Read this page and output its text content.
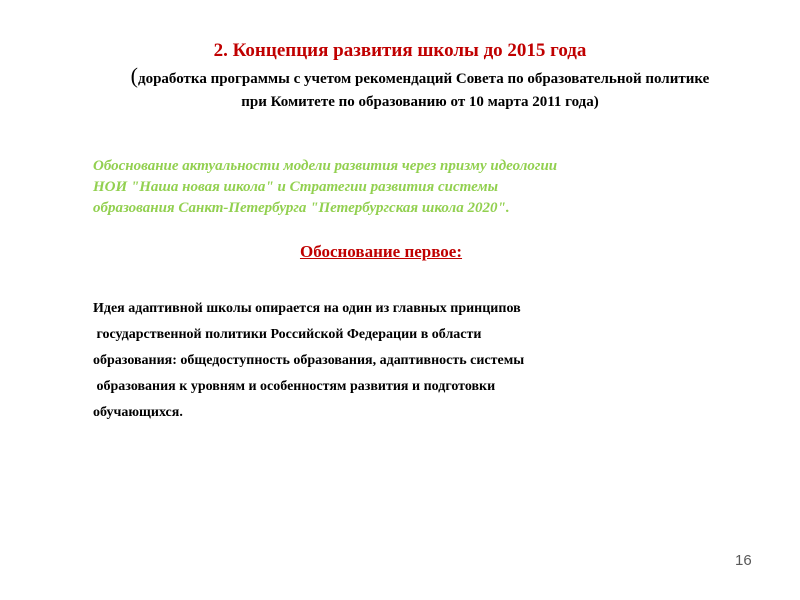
2. Концепция развития школы до 2015 года
(доработка программы с учетом рекомендаций Совета по образовательной политике
при Комитете по образованию от 10 марта 2011 года)
Обоснование актуальности модели развития через призму идеологии
НОИ "Наша новая школа" и Стратегии развития системы
образования Санкт-Петербурга "Петербургская школа 2020".
Обоснование первое:
Идея адаптивной школы опирается на один из главных принципов
государственной политики Российской Федерации в области
образования: общедоступность образования, адаптивность системы
образования к уровням и особенностям развития и подготовки
обучающихся.
16
